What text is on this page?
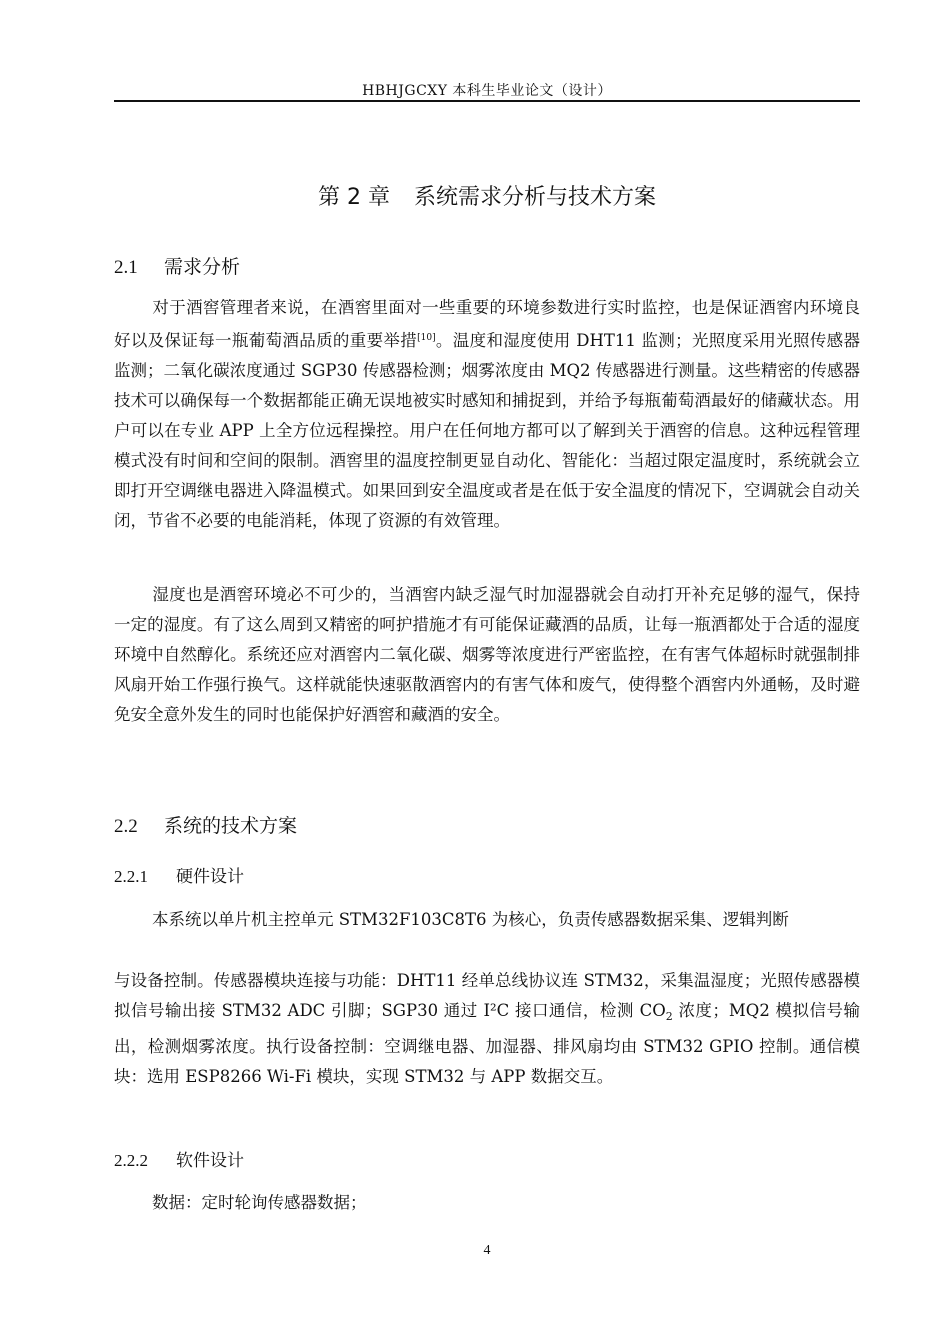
HBHJGCXY 本科生毕业论文（设计）
第 2 章 系统需求分析与技术方案
2.1 需求分析
对于酒窖管理者来说，在酒窖里面对一些重要的环境参数进行实时监控，也是保证酒窖内环境良好以及保证每一瓶葡萄酒品质的重要举措[10]。温度和湿度使用 DHT11 监测；光照度采用光照传感器监测；二氧化碳浓度通过 SGP30 传感器检测；烟雾浓度由 MQ2 传感器进行测量。这些精密的传感器技术可以确保每一个数据都能正确无误地被实时感知和捕捉到，并给予每瓶葡萄酒最好的储藏状态。用户可以在专业 APP 上全方位远程操控。用户在任何地方都可以了解到关于酒窖的信息。这种远程管理模式没有时间和空间的限制。酒窖里的温度控制更显自动化、智能化：当超过限定温度时，系统就会立即打开空调继电器进入降温模式。如果回到安全温度或者是在低于安全温度的情况下，空调就会自动关闭，节省不必要的电能消耗，体现了资源的有效管理。
湿度也是酒窖环境必不可少的，当酒窖内缺乏湿气时加湿器就会自动打开补充足够的湿气，保持一定的湿度。有了这么周到又精密的呵护措施才有可能保证藏酒的品质，让每一瓶酒都处于合适的湿度环境中自然醇化。系统还应对酒窖内二氧化碳、烟雾等浓度进行严密监控，在有害气体超标时就强制排风扇开始工作强行换气。这样就能快速驱散酒窖内的有害气体和废气，使得整个酒窖内外通畅，及时避免安全意外发生的同时也能保护好酒窖和藏酒的安全。
2.2 系统的技术方案
2.2.1 硬件设计
本系统以单片机主控单元 STM32F103C8T6 为核心，负责传感器数据采集、逻辑判断
与设备控制。传感器模块连接与功能：DHT11 经单总线协议连 STM32，采集温湿度；光照传感器模拟信号输出接 STM32 ADC 引脚；SGP30 通过 I²C 接口通信，检测 $CO_2$ 浓度；MQ2 模拟信号输出，检测烟雾浓度。执行设备控制：空调继电器、加湿器、排风扇均由 STM32 GPIO 控制。通信模块：选用 ESP8266 Wi-Fi 模块，实现 STM32 与 APP 数据交互。
2.2.2 软件设计
数据：定时轮询传感器数据；
4
